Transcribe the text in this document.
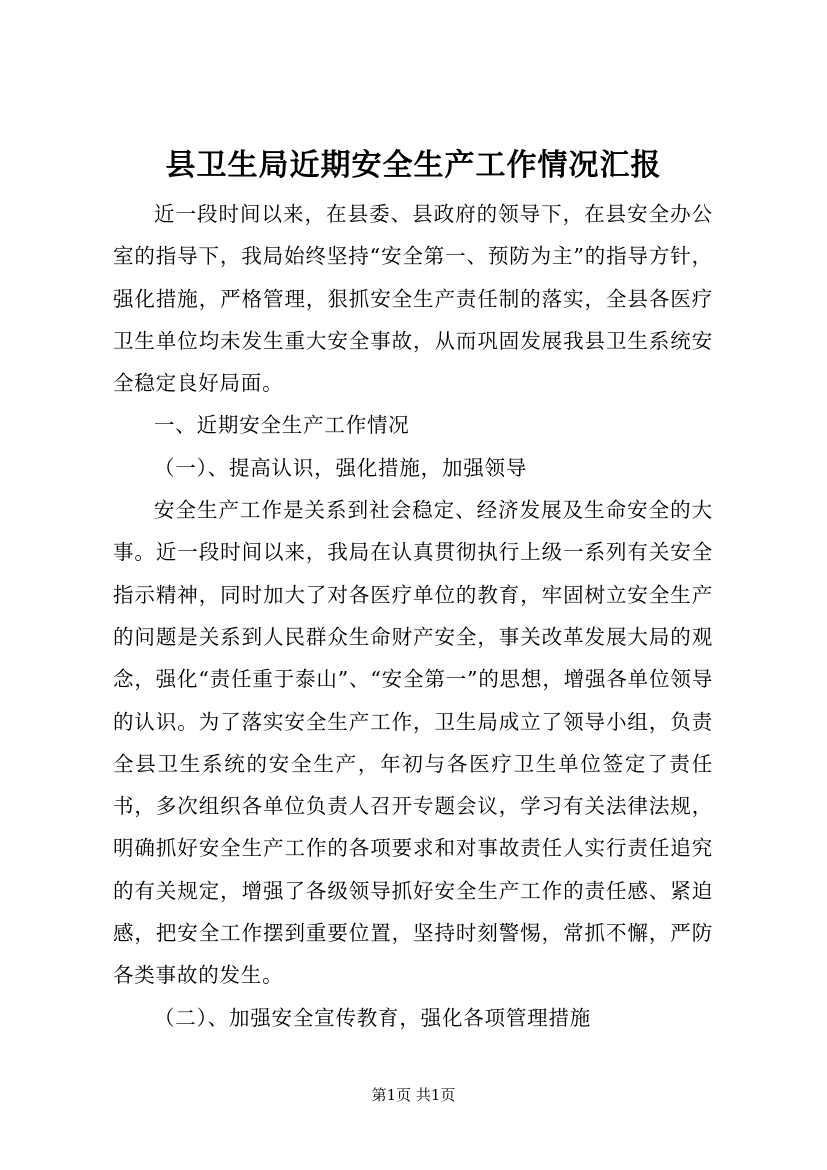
县卫生局近期安全生产工作情况汇报

近一段时间以来，在县委、县政府的领导下，在县安全办公室的指导下，我局始终坚持“安全第一、预防为主”的指导方针，强化措施，严格管理，狠抓安全生产责任制的落实，全县各医疗卫生单位均未发生重大安全事故，从而巩固发展我县卫生系统安全稳定良好局面。

一、近期安全生产工作情况

（一）、提高认识，强化措施，加强领导

安全生产工作是关系到社会稳定、经济发展及生命安全的大事。近一段时间以来，我局在认真贯彻执行上级一系列有关安全指示精神，同时加大了对各医疗单位的教育，牢固树立安全生产的问题是关系到人民群众生命财产安全，事关改革发展大局的观念，强化“责任重于泰山”、“安全第一”的思想，增强各单位领导的认识。为了落实安全生产工作，卫生局成立了领导小组，负责全县卫生系统的安全生产，年初与各医疗卫生单位签定了责任书，多次组织各单位负责人召开专题会议，学习有关法律法规，明确抓好安全生产工作的各项要求和对事故责任人实行责任追究的有关规定，增强了各级领导抓好安全生产工作的责任感、紧迫感，把安全工作摆到重要位置，坚持时刻警惕，常抓不懈，严防各类事故的发生。

（二）、加强安全宣传教育，强化各项管理措施

第1页 共1页
